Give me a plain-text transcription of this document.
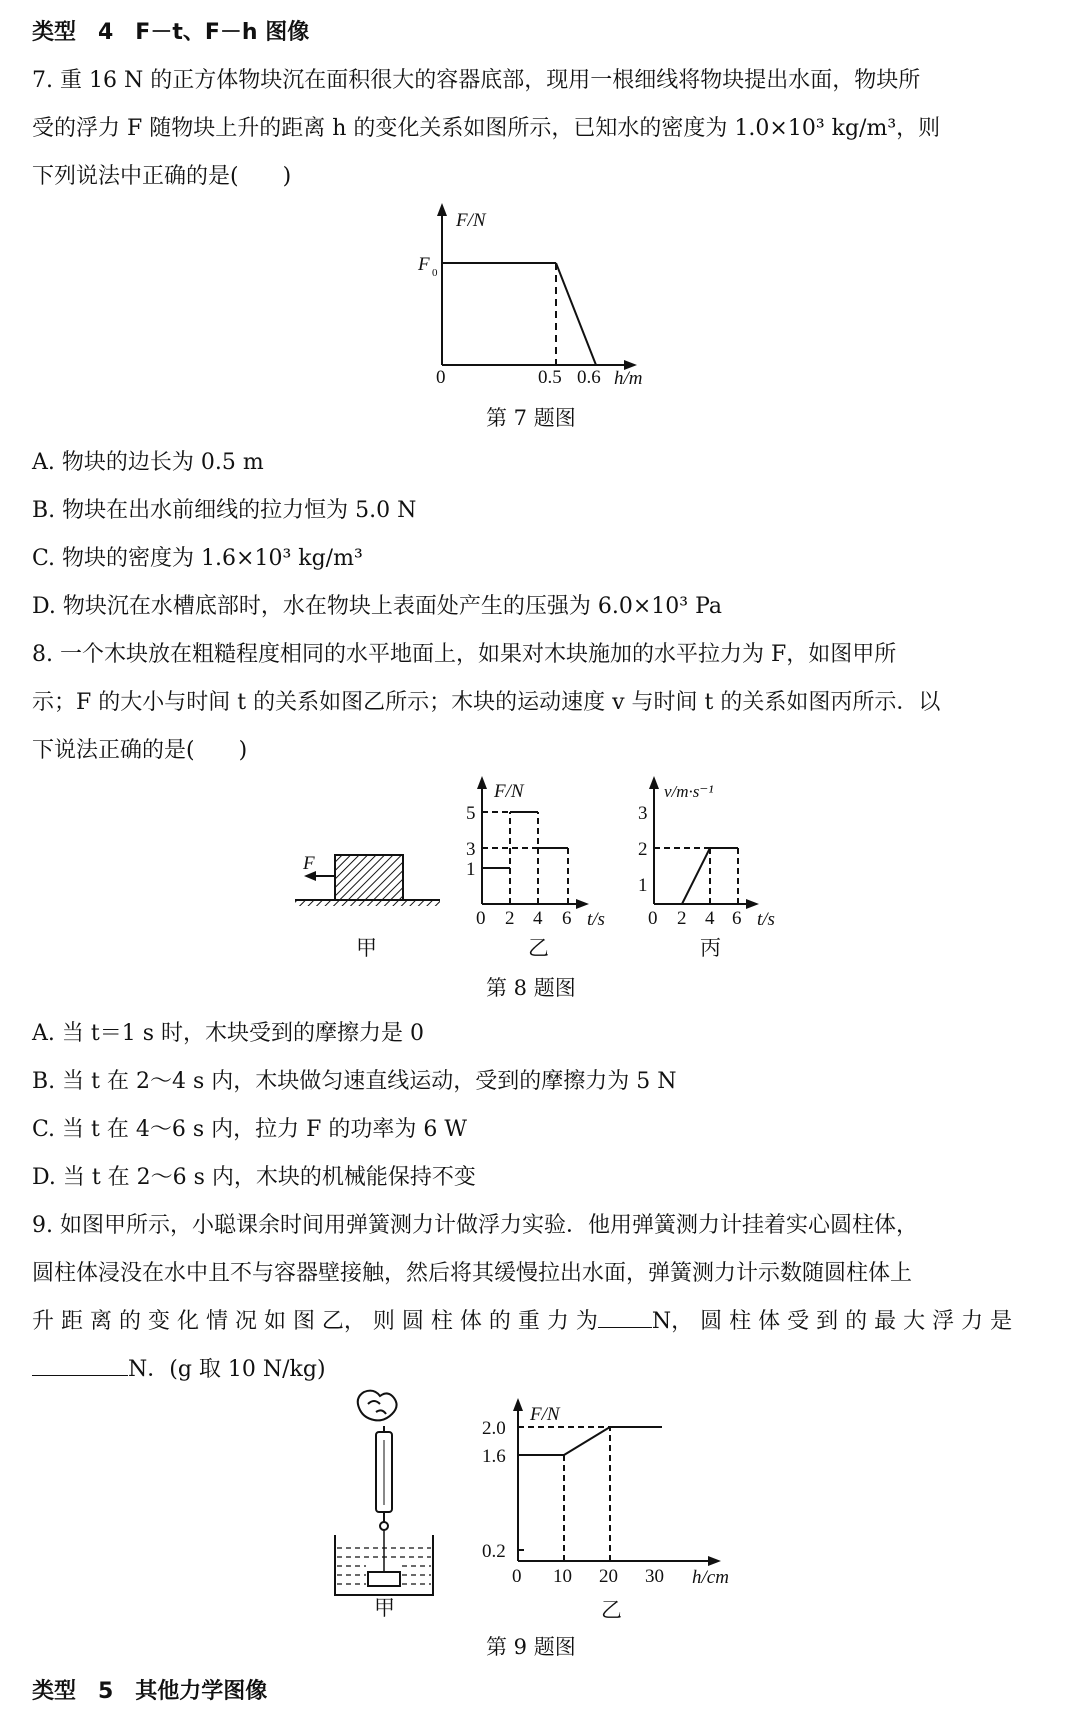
类型　4　F－t、F－h 图像
7. 重 16 N 的正方体物块沉在面积很大的容器底部，现用一根细线将物块提出水面，物块所
受的浮力 F 随物块上升的距离 h 的变化关系如图所示，已知水的密度为 1.0×10³ kg/m³，则
下列说法中正确的是(　　)
F/N
F 0
0	0.5 0.6 h/m
第 7 题图
A. 物块的边长为 0.5 m
B. 物块在出水前细线的拉力恒为 5.0 N
C. 物块的密度为 1.6×10³ kg/m³
D. 物块沉在水槽底部时，水在物块上表面处产生的压强为 6.0×10³ Pa
8. 一个木块放在粗糙程度相同的水平地面上，如果对木块施加的水平拉力为 F，如图甲所
示；F 的大小与时间 t 的关系如图乙所示；木块的运动速度 v 与时间 t 的关系如图丙所示．以
下说法正确的是(　　)
F
F/N
1
3
5
0 2 4 6 t/s
v/m·s⁻¹
1
2
3
0 2 4 6 t/s
甲	乙	丙
第 8 题图
A. 当 t＝1 s 时，木块受到的摩擦力是 0
B. 当 t 在 2～4 s 内，木块做匀速直线运动，受到的摩擦力为 5 N
C. 当 t 在 4～6 s 内，拉力 F 的功率为 6 W
D. 当 t 在 2～6 s 内，木块的机械能保持不变
9. 如图甲所示，小聪课余时间用弹簧测力计做浮力实验．他用弹簧测力计挂着实心圆柱体，
圆柱体浸没在水中且不与容器壁接触，然后将其缓慢拉出水面，弹簧测力计示数随圆柱体上
升 距 离 的 变 化 情 况 如 图 乙， 则 圆 柱 体 的 重 力 为 N， 圆 柱 体 受 到 的 最 大 浮 力 是
N．(g 取 10 N/kg)
F/N
2.0
1.6
0.2
0 10 20 30 h/cm
甲	乙
第 9 题图
类型　5　其他力学图像
